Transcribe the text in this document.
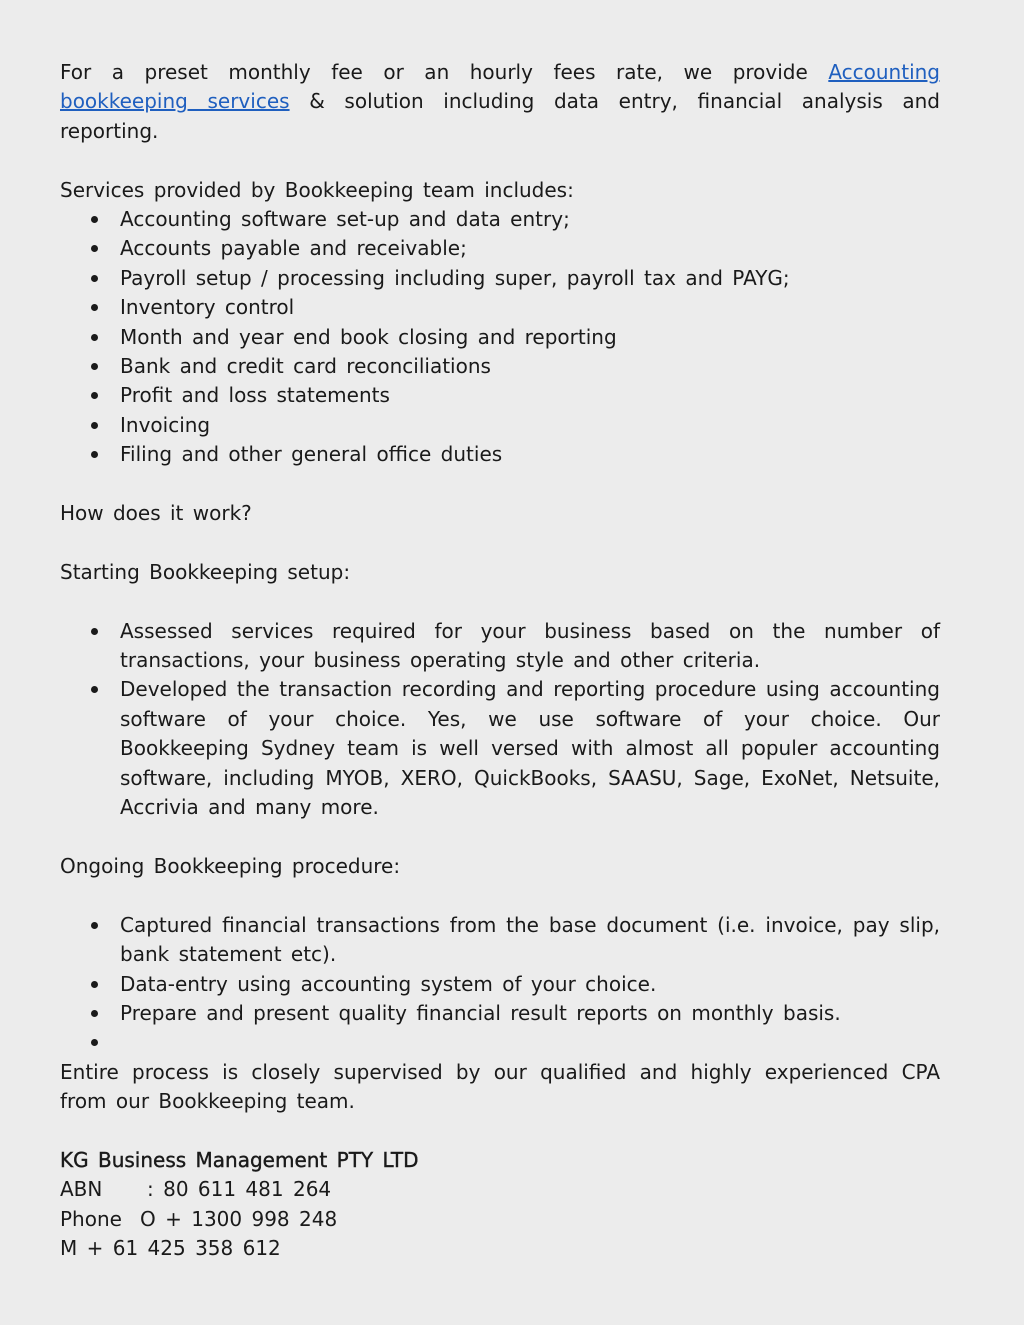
For a preset monthly fee or an hourly fees rate, we provide Accounting bookkeeping services & solution including data entry, financial analysis and reporting.

Services provided by Bookkeeping team includes:

Accounting software set-up and data entry;
Accounts payable and receivable;
Payroll setup / processing including super, payroll tax and PAYG;
Inventory control
Month and year end book closing and reporting
Bank and credit card reconciliations
Profit and loss statements
Invoicing
Filing and other general office duties

How does it work?

Starting Bookkeeping setup:

Assessed services required for your business based on the number of transactions, your business operating style and other criteria.
Developed the transaction recording and reporting procedure using accounting software of your choice. Yes, we use software of your choice. Our Bookkeeping Sydney team is well versed with almost all populer accounting software, including MYOB, XERO, QuickBooks, SAASU, Sage, ExoNet, Netsuite, Accrivia and many more.

Ongoing Bookkeeping procedure:

Captured financial transactions from the base document (i.e. invoice, pay slip, bank statement etc).
Data-entry using accounting system of your choice.
Prepare and present quality financial result reports on monthly basis.

Entire process is closely supervised by our qualified and highly experienced CPA from our Bookkeeping team.

KG Business Management PTY LTD

ABN : 80 611 481 264

Phone O + 1300 998 248

M + 61 425 358 612
